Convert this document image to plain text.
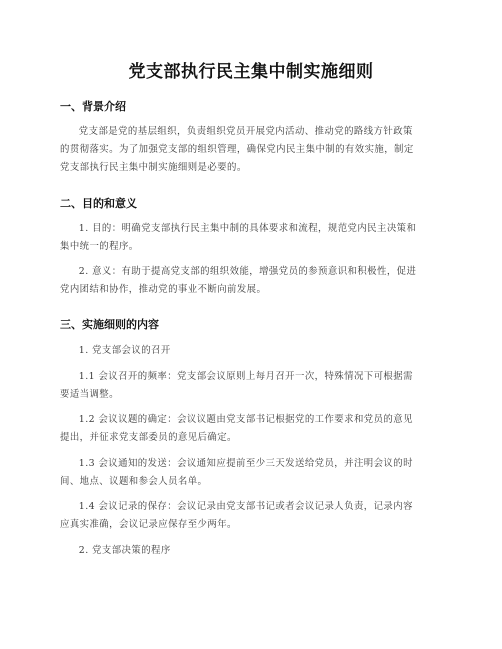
党支部执行民主集中制实施细则
一、背景介绍
党支部是党的基层组织，负责组织党员开展党内活动、推动党的路线方针政策
的贯彻落实。为了加强党支部的组织管理，确保党内民主集中制的有效实施，制定
党支部执行民主集中制实施细则是必要的。
二、目的和意义
1. 目的：明确党支部执行民主集中制的具体要求和流程，规范党内民主决策和
集中统一的程序。
2. 意义：有助于提高党支部的组织效能，增强党员的参预意识和积极性，促进
党内团结和协作，推动党的事业不断向前发展。
三、实施细则的内容
1. 党支部会议的召开
1.1 会议召开的频率：党支部会议原则上每月召开一次，特殊情况下可根据需
要适当调整。
1.2 会议议题的确定：会议议题由党支部书记根据党的工作要求和党员的意见
提出，并征求党支部委员的意见后确定。
1.3 会议通知的发送：会议通知应提前至少三天发送给党员，并注明会议的时
间、地点、议题和参会人员名单。
1.4 会议记录的保存：会议记录由党支部书记或者会议记录人负责，记录内容
应真实准确，会议记录应保存至少两年。
2. 党支部决策的程序
